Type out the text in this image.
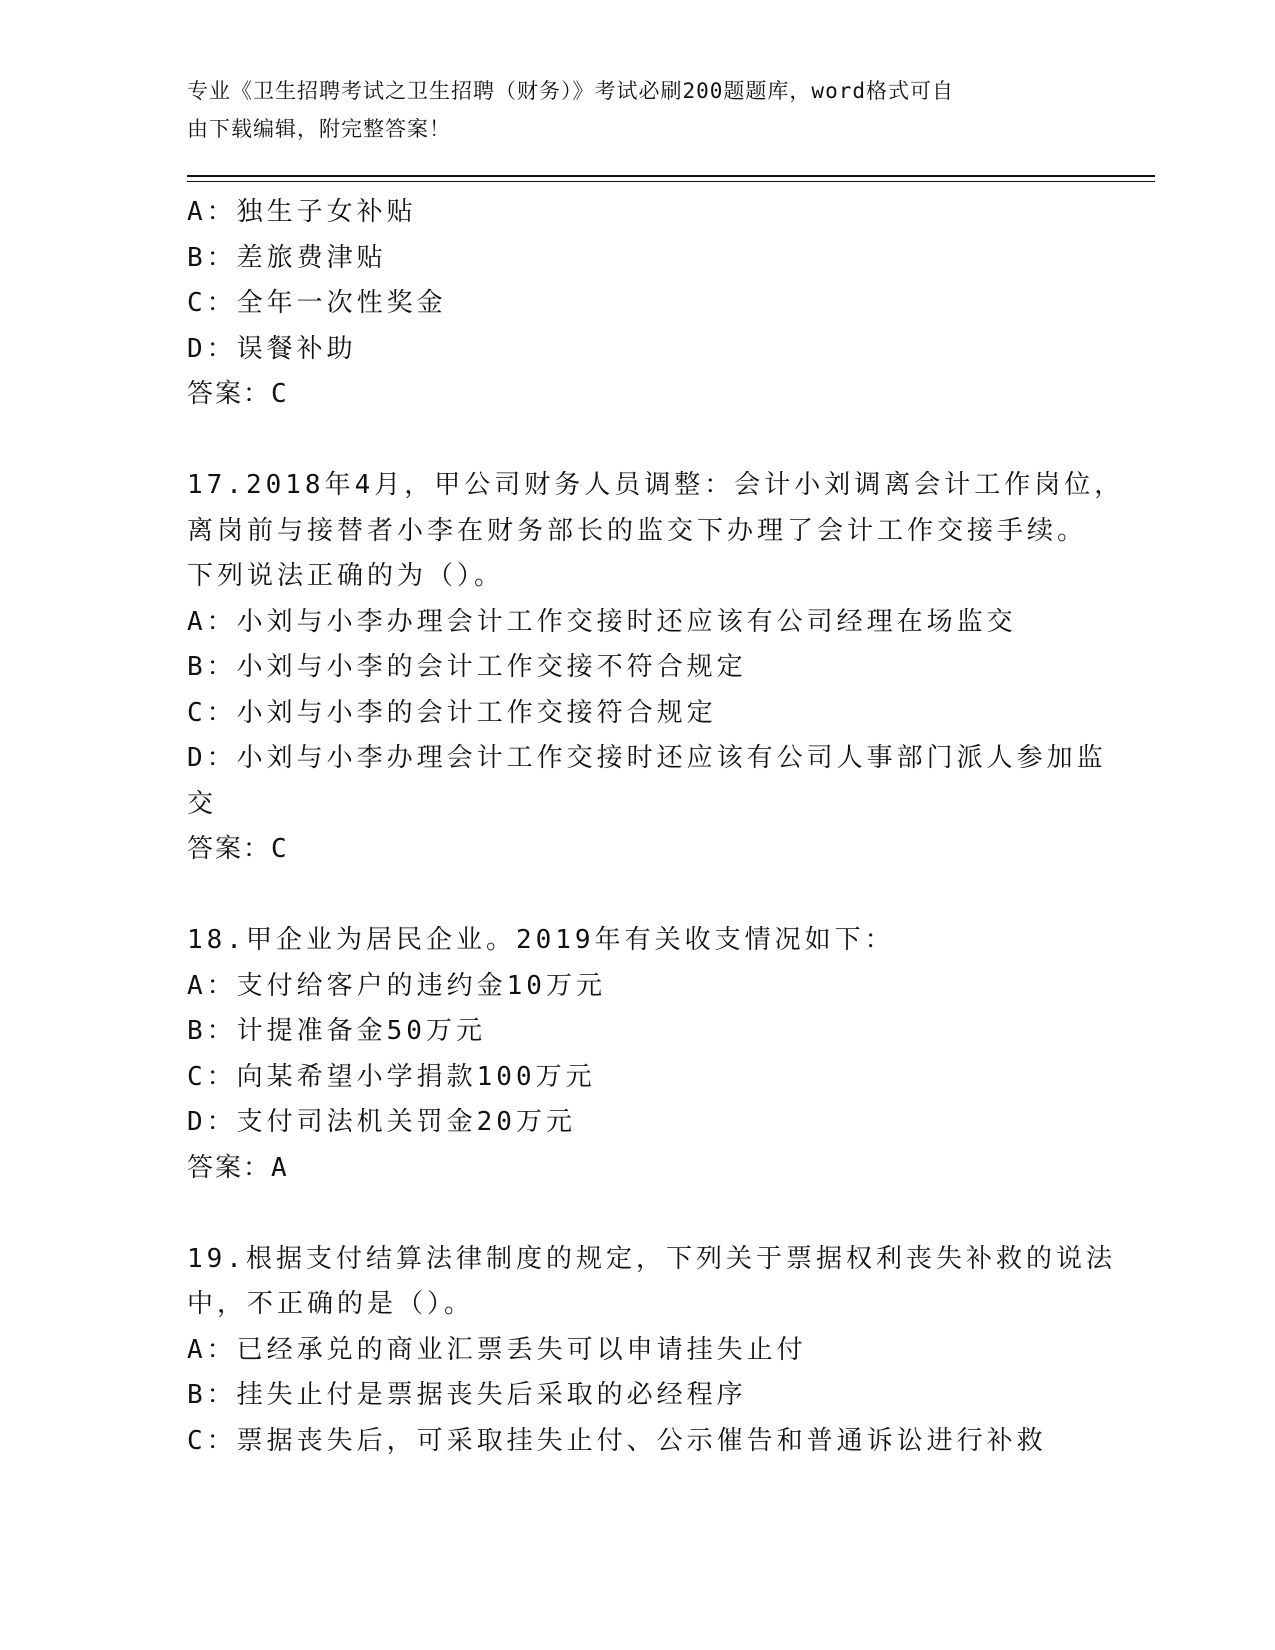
专业《卫生招聘考试之卫生招聘（财务）》考试必刷200题题库，word格式可自
由下载编辑，附完整答案！
A：独生子女补贴
B：差旅费津贴
C：全年一次性奖金
D：误餐补助
答案：C
17.2018年4月，甲公司财务人员调整：会计小刘调离会计工作岗位，
离岗前与接替者小李在财务部长的监交下办理了会计工作交接手续。
下列说法正确的为（）。
A：小刘与小李办理会计工作交接时还应该有公司经理在场监交
B：小刘与小李的会计工作交接不符合规定
C：小刘与小李的会计工作交接符合规定
D：小刘与小李办理会计工作交接时还应该有公司人事部门派人参加监
交
答案：C
18.甲企业为居民企业。2019年有关收支情况如下：
A：支付给客户的违约金10万元
B：计提准备金50万元
C：向某希望小学捐款100万元
D：支付司法机关罚金20万元
答案：A
19.根据支付结算法律制度的规定，下列关于票据权利丧失补救的说法
中，不正确的是（）。
A：已经承兑的商业汇票丢失可以申请挂失止付
B：挂失止付是票据丧失后采取的必经程序
C：票据丧失后，可采取挂失止付、公示催告和普通诉讼进行补救
